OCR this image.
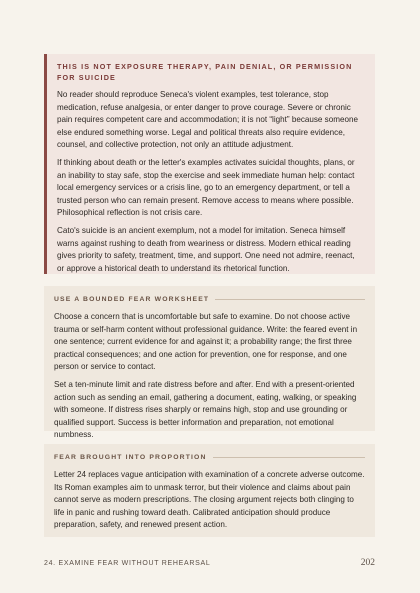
THIS IS NOT EXPOSURE THERAPY, PAIN DENIAL, OR PERMISSION FOR SUICIDE

No reader should reproduce Seneca's violent examples, test tolerance, stop medication, refuse analgesia, or enter danger to prove courage. Severe or chronic pain requires competent care and accommodation; it is not “light” because someone else endured something worse. Legal and political threats also require evidence, counsel, and collective protection, not only an attitude adjustment.

If thinking about death or the letter's examples activates suicidal thoughts, plans, or an inability to stay safe, stop the exercise and seek immediate human help: contact local emergency services or a crisis line, go to an emergency department, or tell a trusted person who can remain present. Remove access to means where possible. Philosophical reflection is not crisis care.

Cato's suicide is an ancient exemplum, not a model for imitation. Seneca himself warns against rushing to death from weariness or distress. Modern ethical reading gives priority to safety, treatment, time, and support. One need not admire, reenact, or approve a historical death to understand its rhetorical function.

USE A BOUNDED FEAR WORKSHEET

Choose a concern that is uncomfortable but safe to examine. Do not choose active trauma or self-harm content without professional guidance. Write: the feared event in one sentence; current evidence for and against it; a probability range; the first three practical consequences; and one action for prevention, one for response, and one person or service to contact.

Set a ten-minute limit and rate distress before and after. End with a present-oriented action such as sending an email, gathering a document, eating, walking, or speaking with someone. If distress rises sharply or remains high, stop and use grounding or qualified support. Success is better information and preparation, not emotional numbness.

FEAR BROUGHT INTO PROPORTION

Letter 24 replaces vague anticipation with examination of a concrete adverse outcome. Its Roman examples aim to unmask terror, but their violence and claims about pain cannot serve as modern prescriptions. The closing argument rejects both clinging to life in panic and rushing toward death. Calibrated anticipation should produce preparation, safety, and renewed present action.

24. EXAMINE FEAR WITHOUT REHEARSAL	202
